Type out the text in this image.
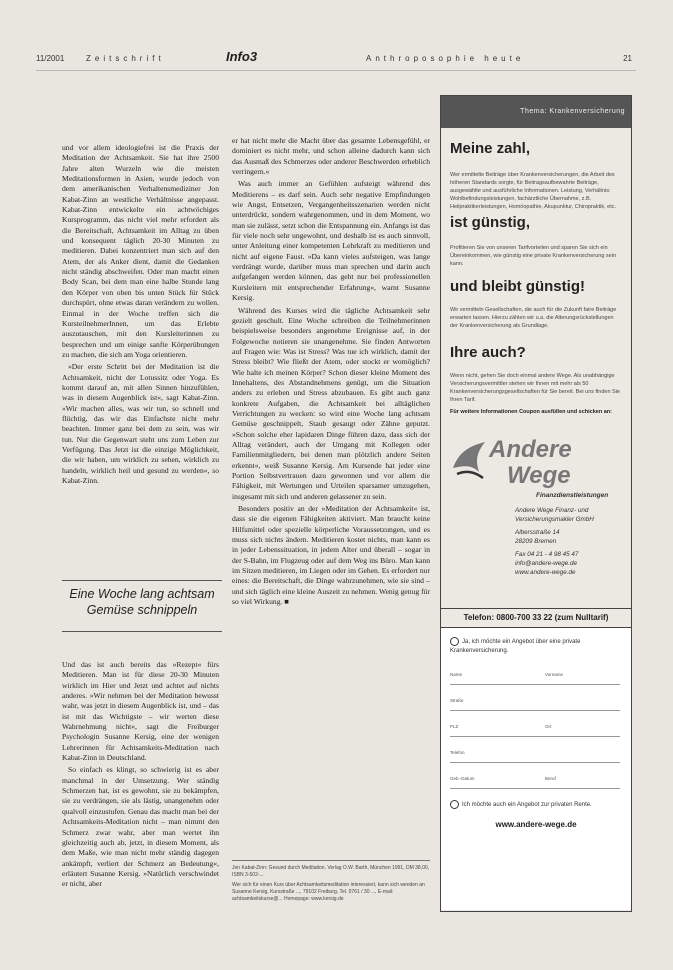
11/2001	Zeitschrift	Info3	Anthroposophie heute	21

und vor allem ideologiefrei ist die Praxis der Meditation der Achtsamkeit. Sie hat ihre 2500 Jahre alten Wurzeln wie die meisten Meditationsformen in Asien, wurde jedoch von dem amerikanischen Verhaltensmediziner Jon Kabat-Zinn an westliche Verhältnisse angepasst. Kabat-Zinn entwickelte ein achtwöchiges Kursprogramm, das nicht viel mehr erfordert als die Bereitschaft, Achtsamkeit im Alltag zu üben und konsequent täglich 20-30 Minuten zu meditieren. Dabei konzentriert man sich auf den Atem, der als Anker dient, damit die Gedanken nicht ständig abschweifen. Oder man macht einen Body Scan, bei dem man eine halbe Stunde lang den Körper von oben bis unten Stück für Stück durchspürt, ohne etwas daran verändern zu wollen. Einmal in der Woche treffen sich die KursteilnehmerInnen, um das Erlebte auszutauschen, mit den Kursleiterinnen zu besprechen und um einige sanfte Körperübungen zu machen, die sich am Yoga orientieren.

»Der erste Schritt bei der Meditation ist die Achtsamkeit, nicht der Lotussitz oder Yoga. Es kommt darauf an, mit allen Sinnen hinzufühlen, was in diesem Augenblick ist«, sagt Kabat-Zinn. »Wir machen alles, was wir tun, so schnell und flüchtig, das wir das Einfachste nicht mehr beachten. Immer ganz bei dem zu sein, was wir tun. Nur die Gegenwart steht uns zum Leben zur Verfügung. Das Jetzt ist die einzige Möglichkeit, die wir haben, um wirklich zu sehen, wirklich zu handeln, wirklich heil und gesund zu werden«, so Kabat-Zinn.

Eine Woche lang achtsam Gemüse schnippeln

Und das ist auch bereits das »Rezept« fürs Meditieren. Man ist für diese 20-30 Minuten wirklich im Hier und Jetzt und achtet auf nichts anderes. »Wir nehmen bei der Meditation bewusst wahr, was jetzt in diesem Augenblick ist, und – das ist mit das Wichtigste – wir werten diese Wahrnehmung nicht«, sagt die Freiburger Psychologin Susanne Kersig, eine der wenigen Lehrerinnen für Achtsamkeits-Meditation nach Kabat-Zinn in Deutschland.

So einfach es klingt, so schwierig ist es aber manchmal in der Umsetzung. Wer ständig Schmerzen hat, ist es gewohnt, sie zu bekämpfen, sie zu verdrängen, sie als lästig, unangenehm oder qualvoll einzustufen. Genau das macht man bei der Achtsamkeits-Meditation nicht – man nimmt den Schmerz zwar wahr, aber man wertet ihn gleichzeitig auch ab, jetzt, in diesem Moment, als dem Maße, wie man nicht mehr ständig dagegen ankämpft, verliert der Schmerz an Bedeutung«, erläutert Susanne Kersig. »Natürlich verschwindet er nicht, aber

er hat nicht mehr die Macht über das gesamte Lebensgefühl, er dominiert es nicht mehr, und schon alleine dadurch kann sich das Ausmaß des Schmerzes oder anderer Beschwerden erheblich verringern.«

Was auch immer an Gefühlen aufsteigt während des Meditierens – es darf sein. Auch sehr negative Empfindungen wie Angst, Entsetzen, Vergangenheitsszenarien werden nicht unterdrückt, sondern wahrgenommen, und in dem Moment, wo man sie zulässt, setzt schon die Entspannung ein. Anfangs ist das für viele noch sehr ungewohnt, und deshalb ist es auch sinnvoll, unter Anleitung einer kompetenten Lehrkraft zu meditieren und nicht auf eigene Faust. »Da kann vieles aufsteigen, was lange verdrängt wurde, darüber muss man sprechen und darin auch aufgefangen werden können, das geht nur bei professionellen Kursleitern mit entsprechender Erfahrung«, warnt Susanne Kersig.

Während des Kurses wird die tägliche Achtsamkeit sehr gezielt geschult. Eine Woche schreiben die Teilnehmerinnen beispielsweise besonders angenehme Ereignisse auf, in der Folgewoche notieren sie unangenehme. Sie finden Antworten auf Fragen wie: Was ist Stress? Was tue ich wirklich, damit der Stress bleibt? Wie fließt der Atem, oder stockt er womöglich? Wie halte ich meinen Körper? Schon dieser kleine Moment des Innehaltens, des Abstandnehmens genügt, um die Situation anders zu erleben und Stress abzubauen. Es gibt auch ganz konkrete Aufgaben, die Achtsamkeit bei alltäglichen Verrichtungen zu wecken: so wird eine Woche lang achtsam Gemüse geschnippelt, Staub gesaugt oder Zähne geputzt. »Schon solche eher lapidaren Dinge führen dazu, dass sich der Alltag verändert, auch der Umgang mit Kollegen oder Familienmitgliedern, bei denen man plötzlich andere Seiten erkennt«, weiß Susanne Kersig. Am Kursende hat jeder eine Portion Selbstvertrauen dazu gewonnen und vor allem die Fähigkeit, mit Wertungen und Urteilen sparsamer umzugehen, insgesamt mit sich und anderen gelassener zu sein.

Besonders positiv an der »Meditation der Achtsamkeit« ist, dass sie die eigenen Fähigkeiten aktiviert. Man braucht keine Hilfsmittel oder spezielle körperliche Voraussetzungen, und es muss sich nichts ändern. Meditieren kostet nichts, man kann es in jeder Lebenssituation, in jedem Alter und überall – sogar in der S-Bahn, im Flugzeug oder auf dem Weg ins Büro. Man kann im Sitzen meditieren, im Liegen oder im Gehen. Es erfordert nur eines: die Bereitschaft, die Dinge wahrzunehmen, wie sie sind – und sich täglich eine kleine Auszeit zu nehmen. Wenig genug für so viel Wirkung. ■

Jon Kabat-Zinn: Gesund durch Meditation. Verlag O.W. Barth, München 1991, DM 38,00, ISBN 3-502-...

Wer sich für einen Kurs über Achtsamkeitsmeditation interessiert, kann sich wenden an Susanne Kersig, Kursstraße ..., 79102 Freiburg, Tel. 0761 / 30 ..., E-mail: achtsamkeitskurse@... Homepage: www.kersig.de

Thema: Krankenversicherung
Meine zahl,
Wer ermittelte Beiträge über Krankenversicherungen, die Arbeit des höheren Standards sorgte, für Beitragsaufbewahrte Beiträge, ausgewählte und ausführliche Informationen. Leistung, Verhältnis: Wohlbefindungsleistungen, fachärztliche Übernahme, z.B. Heilpraktikerleistungen, Homöopathie, Akupunktur, Chiropraktik, etc.
ist günstig,
Profitieren Sie von unseren Tarifvorteilen und sparen Sie sich ein Übereinkommen, wie günstig eine private Krankenversicherung sein kann.
und bleibt günstig!
Wir vermitteln Gesellschaften, die auch für die Zukunft faire Beiträge erwarten lassen. Hierzu zählen wir u.a. die Alterungsrückstellungen der Krankenversicherung als Grundlage.
Ihre auch?
Wenn nicht, gehen Sie doch einmal andere Wege. Als unabhängige Versicherungsvermittler stehen wir Ihnen mit mehr als 50 Krankenversicherungsgesellschaften für Sie bereit. Bei uns finden Sie Ihren Tarif.
Für weitere Informationen Coupon ausfüllen und schicken an:
Andere
Wege
Finanzdienstleistungen
Andere Wege Finanz- und
Versicherungsmakler GmbH
Albersstraße 14
28209 Bremen
Fax 04 21 - 4 98 45 47
info@andere-wege.de
www.andere-wege.de
Telefon: 0800-700 33 22 (zum Nulltarif)
Ja, ich möchte ein Angebot über eine private Krankenversicherung.
Name	Vorname
Straße
PLZ	Ort
Telefon
Geb.-Datum	Beruf
Ich möchte auch ein Angebot zur privaten Rente.
www.andere-wege.de
